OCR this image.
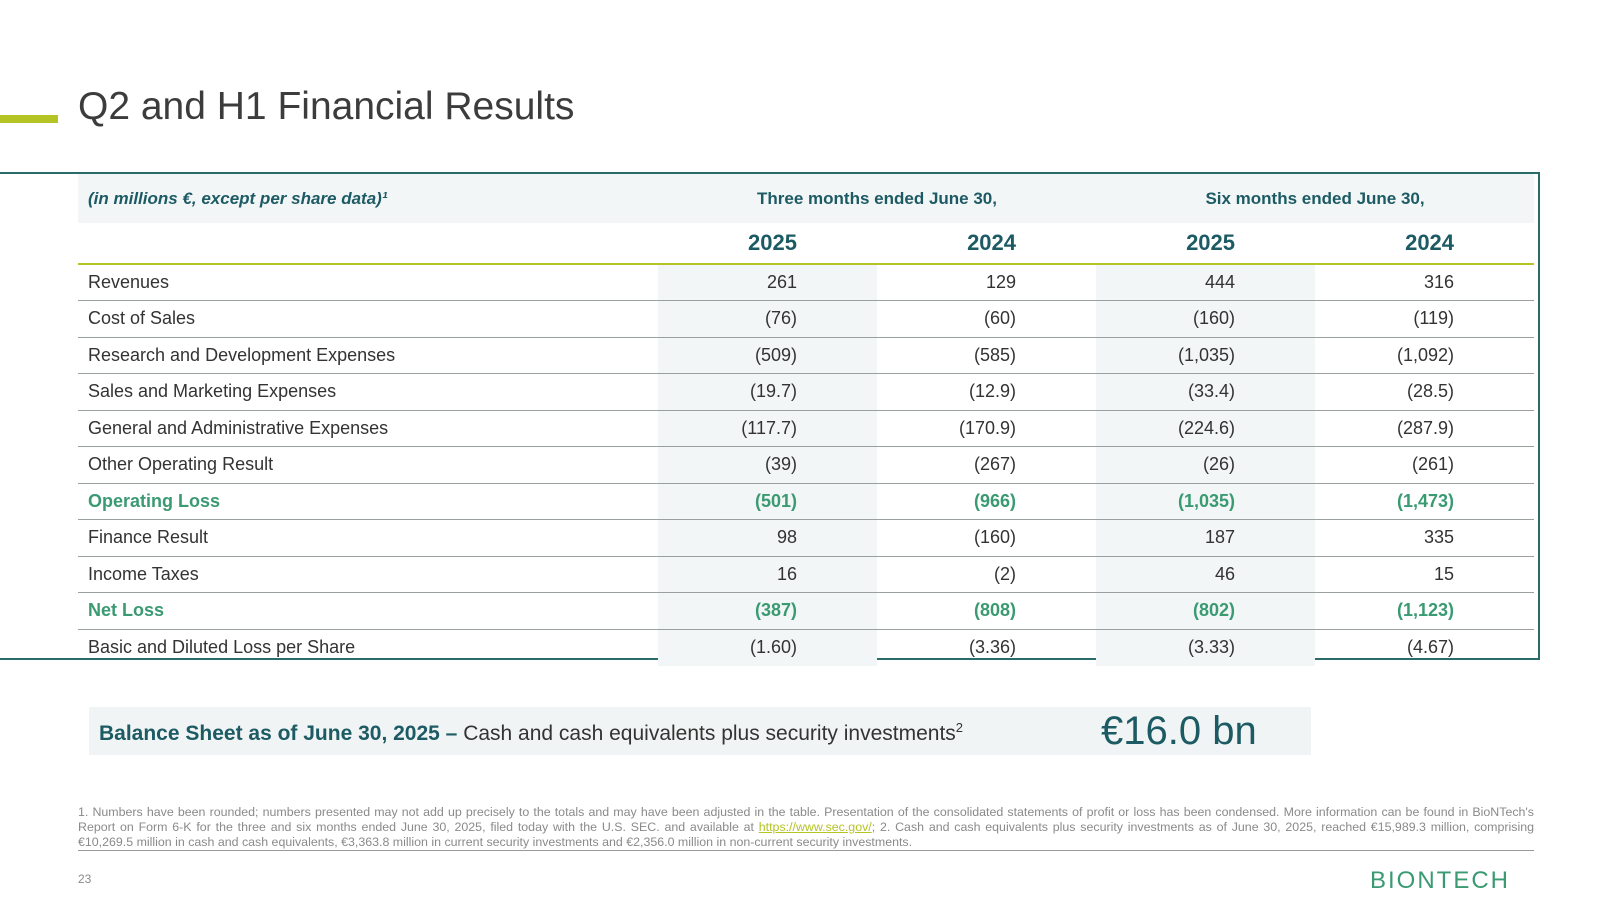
Q2 and H1 Financial Results
(in millions €, except per share data)¹	Three months ended June 30,		Six months ended June 30,	
	2025	2024	2025	2024
Revenues	261	129	444	316
Cost of Sales	(76)	(60)	(160)	(119)
Research and Development Expenses	(509)	(585)	(1,035)	(1,092)
Sales and Marketing Expenses	(19.7)	(12.9)	(33.4)	(28.5)
General and Administrative Expenses	(117.7)	(170.9)	(224.6)	(287.9)
Other Operating Result	(39)	(267)	(26)	(261)
Operating Loss	(501)	(966)	(1,035)	(1,473)
Finance Result	98	(160)	187	335
Income Taxes	16	(2)	46	15
Net Loss	(387)	(808)	(802)	(1,123)
Basic and Diluted Loss per Share	(1.60)	(3.36)	(3.33)	(4.67)
Balance Sheet as of June 30, 2025 – Cash and cash equivalents plus security investments$^2$	€16.0 bn

1. Numbers have been rounded; numbers presented may not add up precisely to the totals and may have been adjusted in the table. Presentation of the consolidated statements of profit or loss has been condensed. More information can be found in BioNTech's Report on Form 6-K for the three and six months ended June 30, 2025, filed today with the U.S. SEC. and available at https://www.sec.gov/; 2. Cash and cash equivalents plus security investments as of June 30, 2025, reached €15,989.3 million, comprising €10,269.5 million in cash and cash equivalents, €3,363.8 million in current security investments and €2,356.0 million in non-current security investments.

23	BIONTECH
